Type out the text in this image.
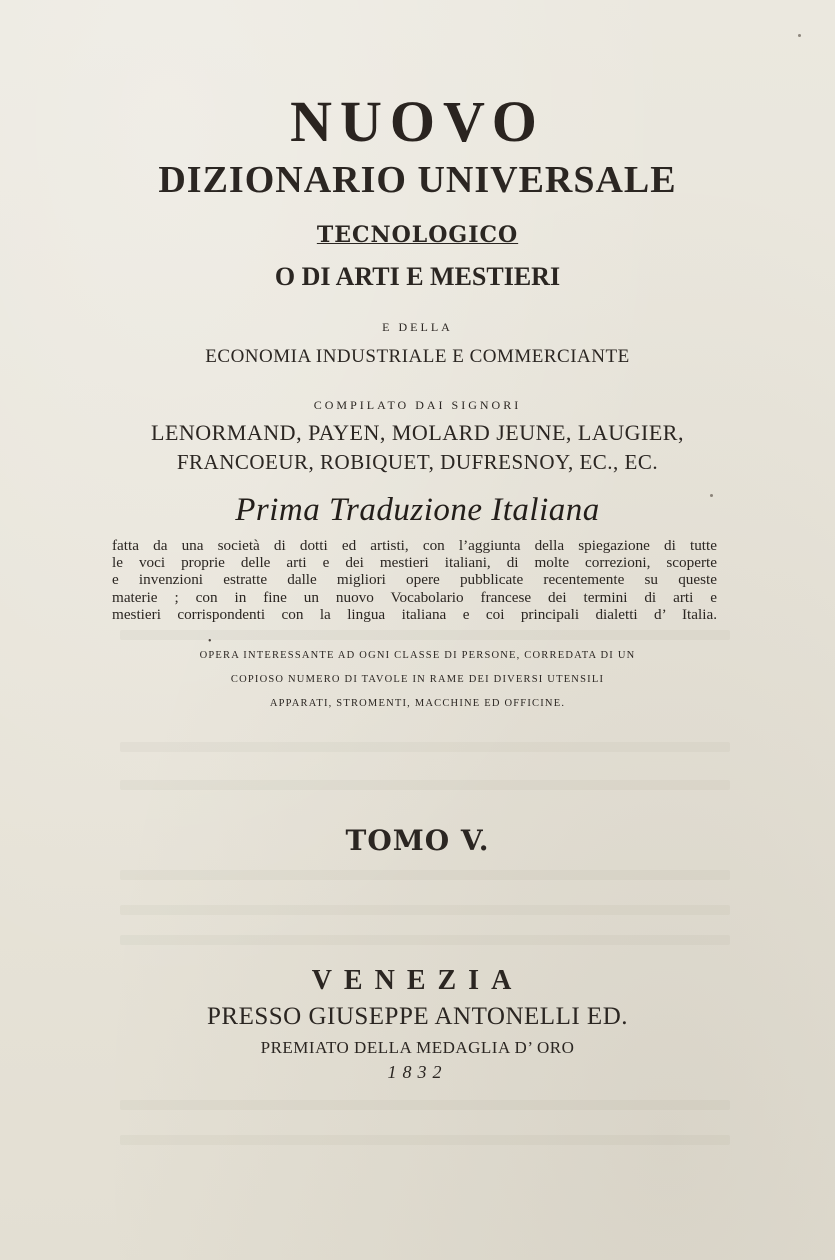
NUOVO
DIZIONARIO UNIVERSALE
TECNOLOGICO
O DI ARTI E MESTIERI
E DELLA
ECONOMIA INDUSTRIALE E COMMERCIANTE
COMPILATO DAI SIGNORI
LENORMAND, PAYEN, MOLARD JEUNE, LAUGIER,
FRANCOEUR, ROBIQUET, DUFRESNOY, EC., EC.
Prima Traduzione Italiana
fatta da una società di dotti ed artisti, con l’aggiunta della spiegazione di tutte
le voci proprie delle arti e dei mestieri italiani, di molte correzioni, scoperte
e invenzioni estratte dalle migliori opere pubblicate recentemente su queste
materie ; con in fine un nuovo Vocabolario francese dei termini di arti e
mestieri corrispondenti con la lingua italiana e coi principali dialetti d’ Italia.
•
OPERA INTERESSANTE AD OGNI CLASSE DI PERSONE, CORREDATA DI UN
COPIOSO NUMERO DI TAVOLE IN RAME DEI DIVERSI UTENSILI
APPARATI, STROMENTI, MACCHINE ED OFFICINE.
TOMO V.
VENEZIA
PRESSO GIUSEPPE ANTONELLI ED.
PREMIATO DELLA MEDAGLIA D’ ORO
1832
